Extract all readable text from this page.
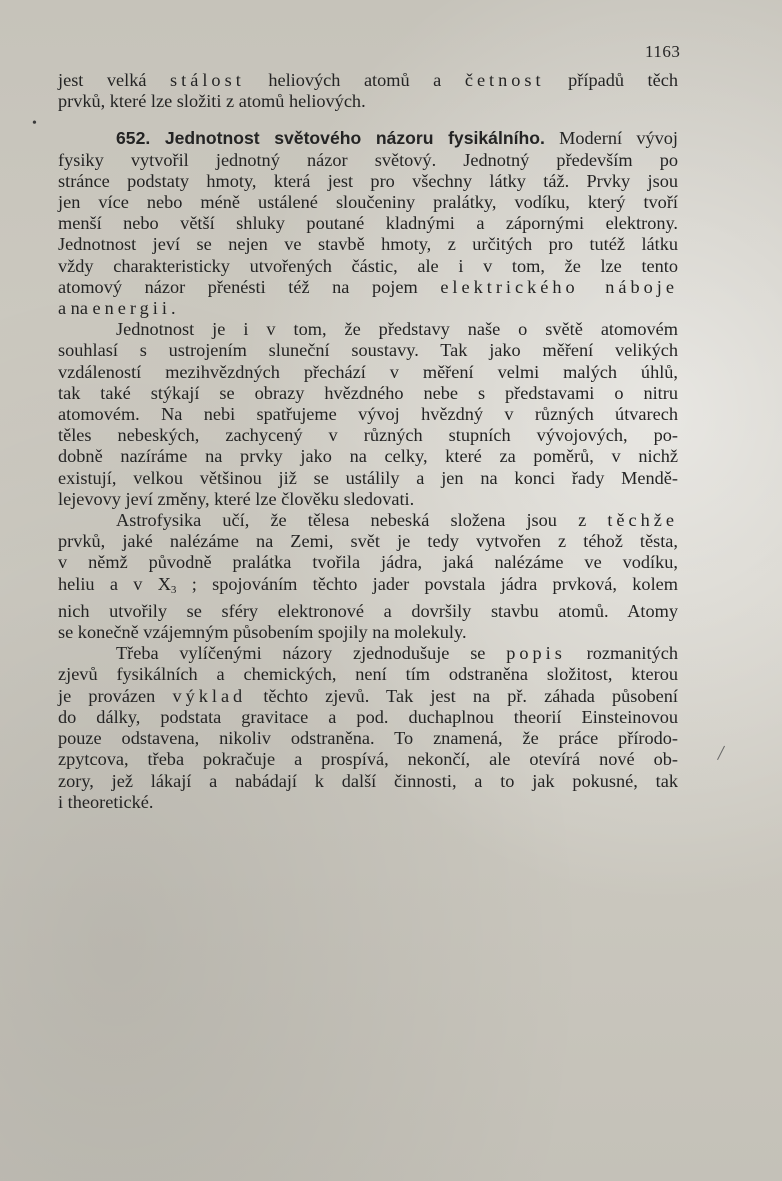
1163
•
/
jest velká stálost heliových atomů a četnost případů těch
prvků, které lze složiti z atomů heliových.
652. Jednotnost světového názoru fysikálního. Moderní vývoj
fysiky vytvořil jednotný názor světový. Jednotný především po
stránce podstaty hmoty, která jest pro všechny látky táž. Prvky jsou
jen více nebo méně ustálené sloučeniny pralátky, vodíku, který tvoří
menší nebo větší shluky poutané kladnými a zápornými elektrony.
Jednotnost jeví se nejen ve stavbě hmoty, z určitých pro tutéž látku
vždy charakteristicky utvořených částic, ale i v tom, že lze tento
atomový názor přenésti též na pojem elektrického náboje
a na energii.
Jednotnost je i v tom, že představy naše o světě atomovém
souhlasí s ustrojením sluneční soustavy. Tak jako měření velikých
vzdáleností mezihvězdných přechází v měření velmi malých úhlů,
tak také stýkají se obrazy hvězdného nebe s představami o nitru
atomovém. Na nebi spatřujeme vývoj hvězdný v různých útvarech
těles nebeských, zachycený v různých stupních vývojových, po-
dobně nazíráme na prvky jako na celky, které za poměrů, v nichž
existují, velkou většinou již se ustálily a jen na konci řady Mendě-
lejevovy jeví změny, které lze člověku sledovati.
Astrofysika učí, že tělesa nebeská složena jsou z těchže
prvků, jaké nalézáme na Zemi, svět je tedy vytvořen z téhož těsta,
v němž původně pralátka tvořila jádra, jaká nalézáme ve vodíku,
heliu a v $X_3$ ; spojováním těchto jader povstala jádra prvková, kolem
nich utvořily se sféry elektronové a dovršily stavbu atomů. Atomy
se konečně vzájemným působením spojily na molekuly.
Třeba vylíčenými názory zjednodušuje se popis rozmanitých
zjevů fysikálních a chemických, není tím odstraněna složitost, kterou
je provázen výklad těchto zjevů. Tak jest na př. záhada působení
do dálky, podstata gravitace a pod. duchaplnou theorií Einsteinovou
pouze odstavena, nikoliv odstraněna. To znamená, že práce přírodo-
zpytcova, třeba pokračuje a prospívá, nekončí, ale otevírá nové ob-
zory, jež lákají a nabádají k další činnosti, a to jak pokusné, tak
i theoretické.
